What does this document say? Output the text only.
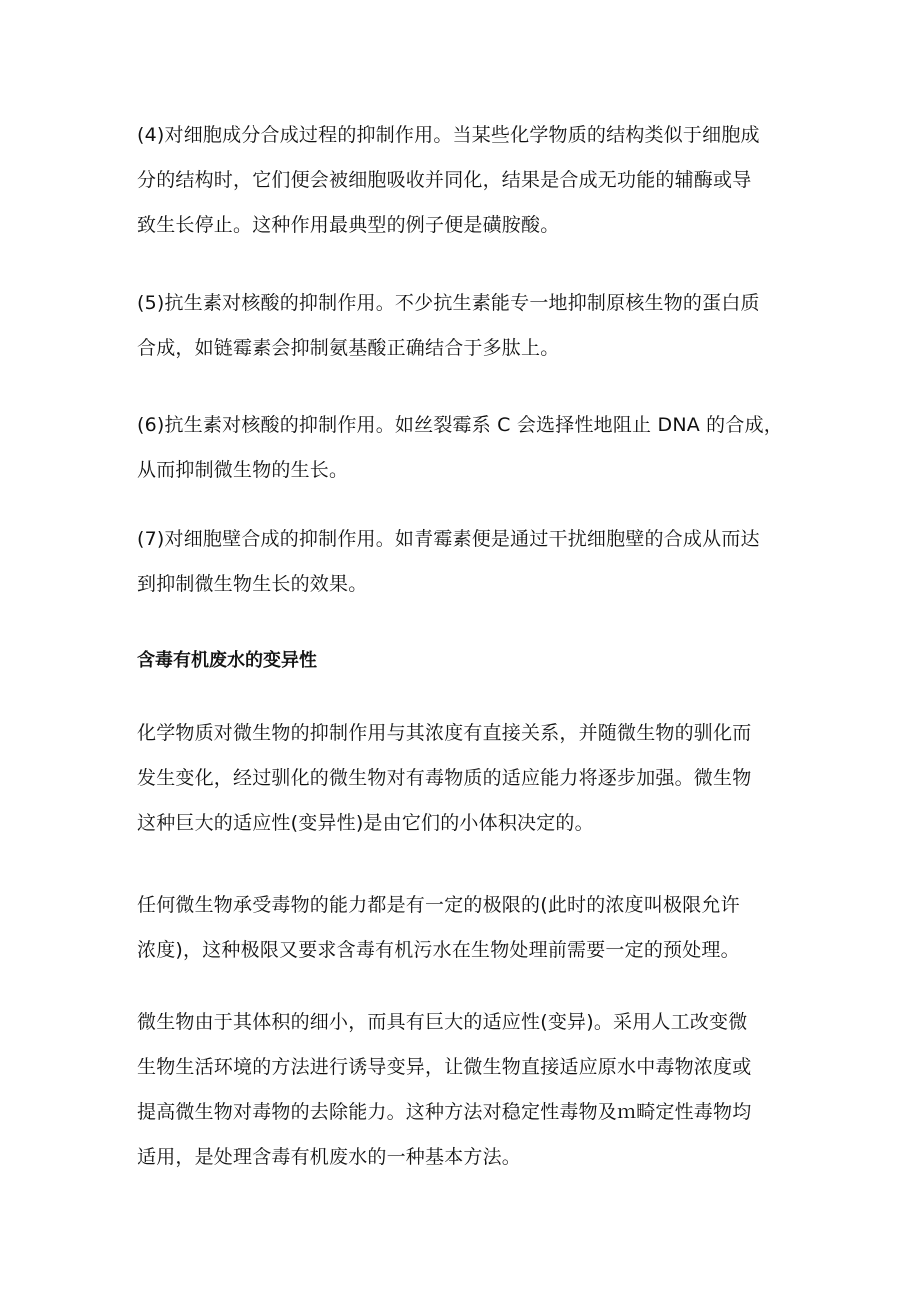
(4)对细胞成分合成过程的抑制作用。当某些化学物质的结构类似于细胞成
分的结构时，它们便会被细胞吸收并同化，结果是合成无功能的辅酶或导
致生长停止。这种作用最典型的例子便是磺胺酸。
(5)抗生素对核酸的抑制作用。不少抗生素能专一地抑制原核生物的蛋白质
合成，如链霉素会抑制氨基酸正确结合于多肽上。
(6)抗生素对核酸的抑制作用。如丝裂霉系 C 会选择性地阻止 DNA 的合成，
从而抑制微生物的生长。
(7)对细胞壁合成的抑制作用。如青霉素便是通过干扰细胞壁的合成从而达
到抑制微生物生长的效果。
含毒有机废水的变异性
化学物质对微生物的抑制作用与其浓度有直接关系，并随微生物的驯化而
发生变化，经过驯化的微生物对有毒物质的适应能力将逐步加强。微生物
这种巨大的适应性(变异性)是由它们的小体积决定的。
任何微生物承受毒物的能力都是有一定的极限的(此时的浓度叫极限允许
浓度)，这种极限又要求含毒有机污水在生物处理前需要一定的预处理。
微生物由于其体积的细小，而具有巨大的适应性(变异)。采用人工改变微
生物生活环境的方法进行诱导变异，让微生物直接适应原水中毒物浓度或
提高微生物对毒物的去除能力。这种方法对稳定性毒物及ｍ畸定性毒物均
适用，是处理含毒有机废水的一种基本方法。
